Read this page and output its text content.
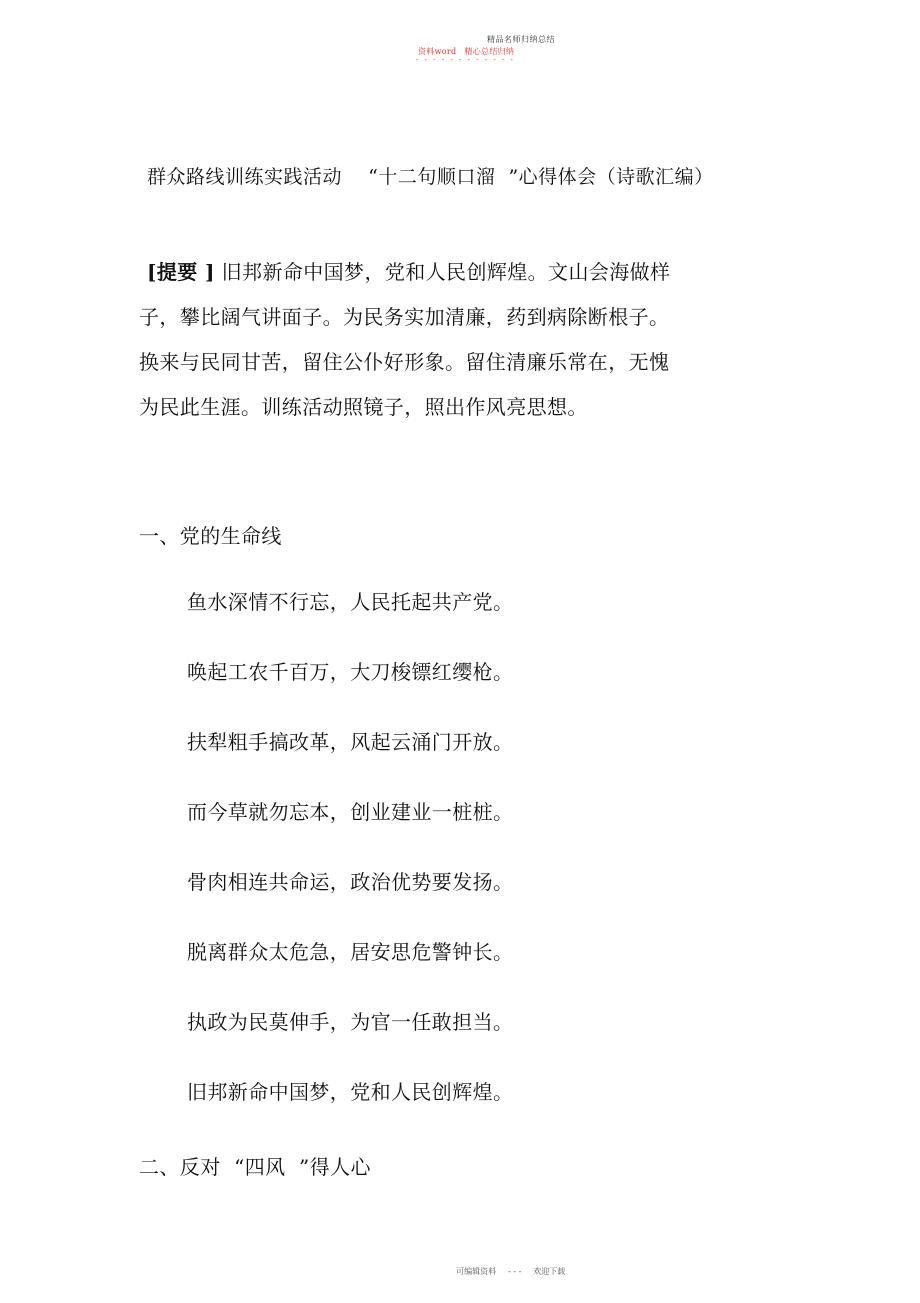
精品名师归纳总结
资料word 精心总结归纳
- - - - - - - - - - - -
群众路线训练实践活动    “十二句顺口溜  ”心得体会（诗歌汇编）
[提要 ] 旧邦新命中国梦，党和人民创辉煌。文山会海做样
子，攀比阔气讲面子。为民务实加清廉，药到病除断根子。
换来与民同甘苦，留住公仆好形象。留住清廉乐常在，无愧
为民此生涯。训练活动照镜子，照出作风亮思想。
一、党的生命线
鱼水深情不行忘，人民托起共产党。
唤起工农千百万，大刀梭镖红缨枪。
扶犁粗手搞改革，风起云涌门开放。
而今草就勿忘本，创业建业一桩桩。
骨肉相连共命运，政治优势要发扬。
脱离群众太危急，居安思危警钟长。
执政为民莫伸手，为官一任敢担当。
旧邦新命中国梦，党和人民创辉煌。
二、反对  “四风  ”得人心

可编辑资料 - - - 欢迎下载
